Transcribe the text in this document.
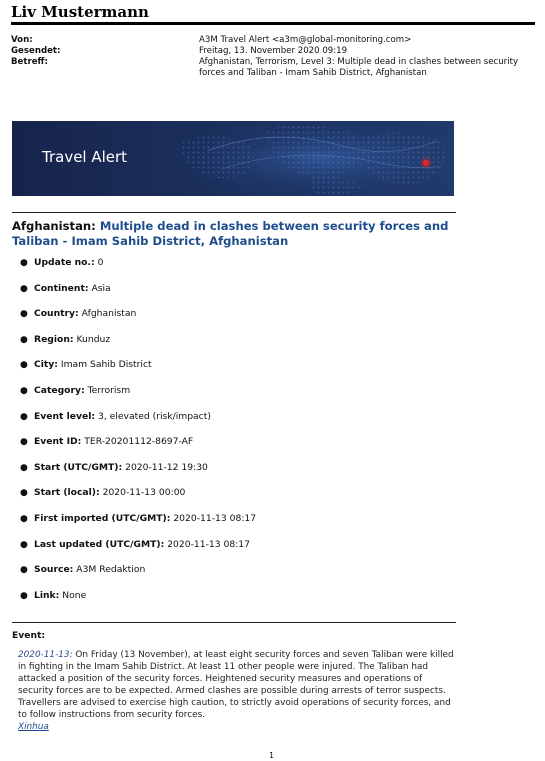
Liv Mustermann
Von:	A3M Travel Alert <a3m@global-monitoring.com>
Gesendet:	Freitag, 13. November 2020 09:19
Betreff:	Afghanistan, Terrorism, Level 3: Multiple dead in clashes between security forces and Taliban - Imam Sahib District, Afghanistan
Travel Alert
Afghanistan: Multiple dead in clashes between security forces and Taliban - Imam Sahib District, Afghanistan
● Update no.: 0
● Continent: Asia
● Country: Afghanistan
● Region: Kunduz
● City: Imam Sahib District
● Category: Terrorism
● Event level: 3, elevated (risk/impact)
● Event ID: TER-20201112-8697-AF
● Start (UTC/GMT): 2020-11-12 19:30
● Start (local): 2020-11-13 00:00
● First imported (UTC/GMT): 2020-11-13 08:17
● Last updated (UTC/GMT): 2020-11-13 08:17
● Source: A3M Redaktion
● Link: None
Event:
2020-11-13: On Friday (13 November), at least eight security forces and seven Taliban were killed in fighting in the Imam Sahib District. At least 11 other people were injured. The Taliban had attacked a position of the security forces. Heightened security measures and operations of security forces are to be expected. Armed clashes are possible during arrests of terror suspects. Travellers are advised to exercise high caution, to strictly avoid operations of security forces, and to follow instructions from security forces.
Xinhua
1
